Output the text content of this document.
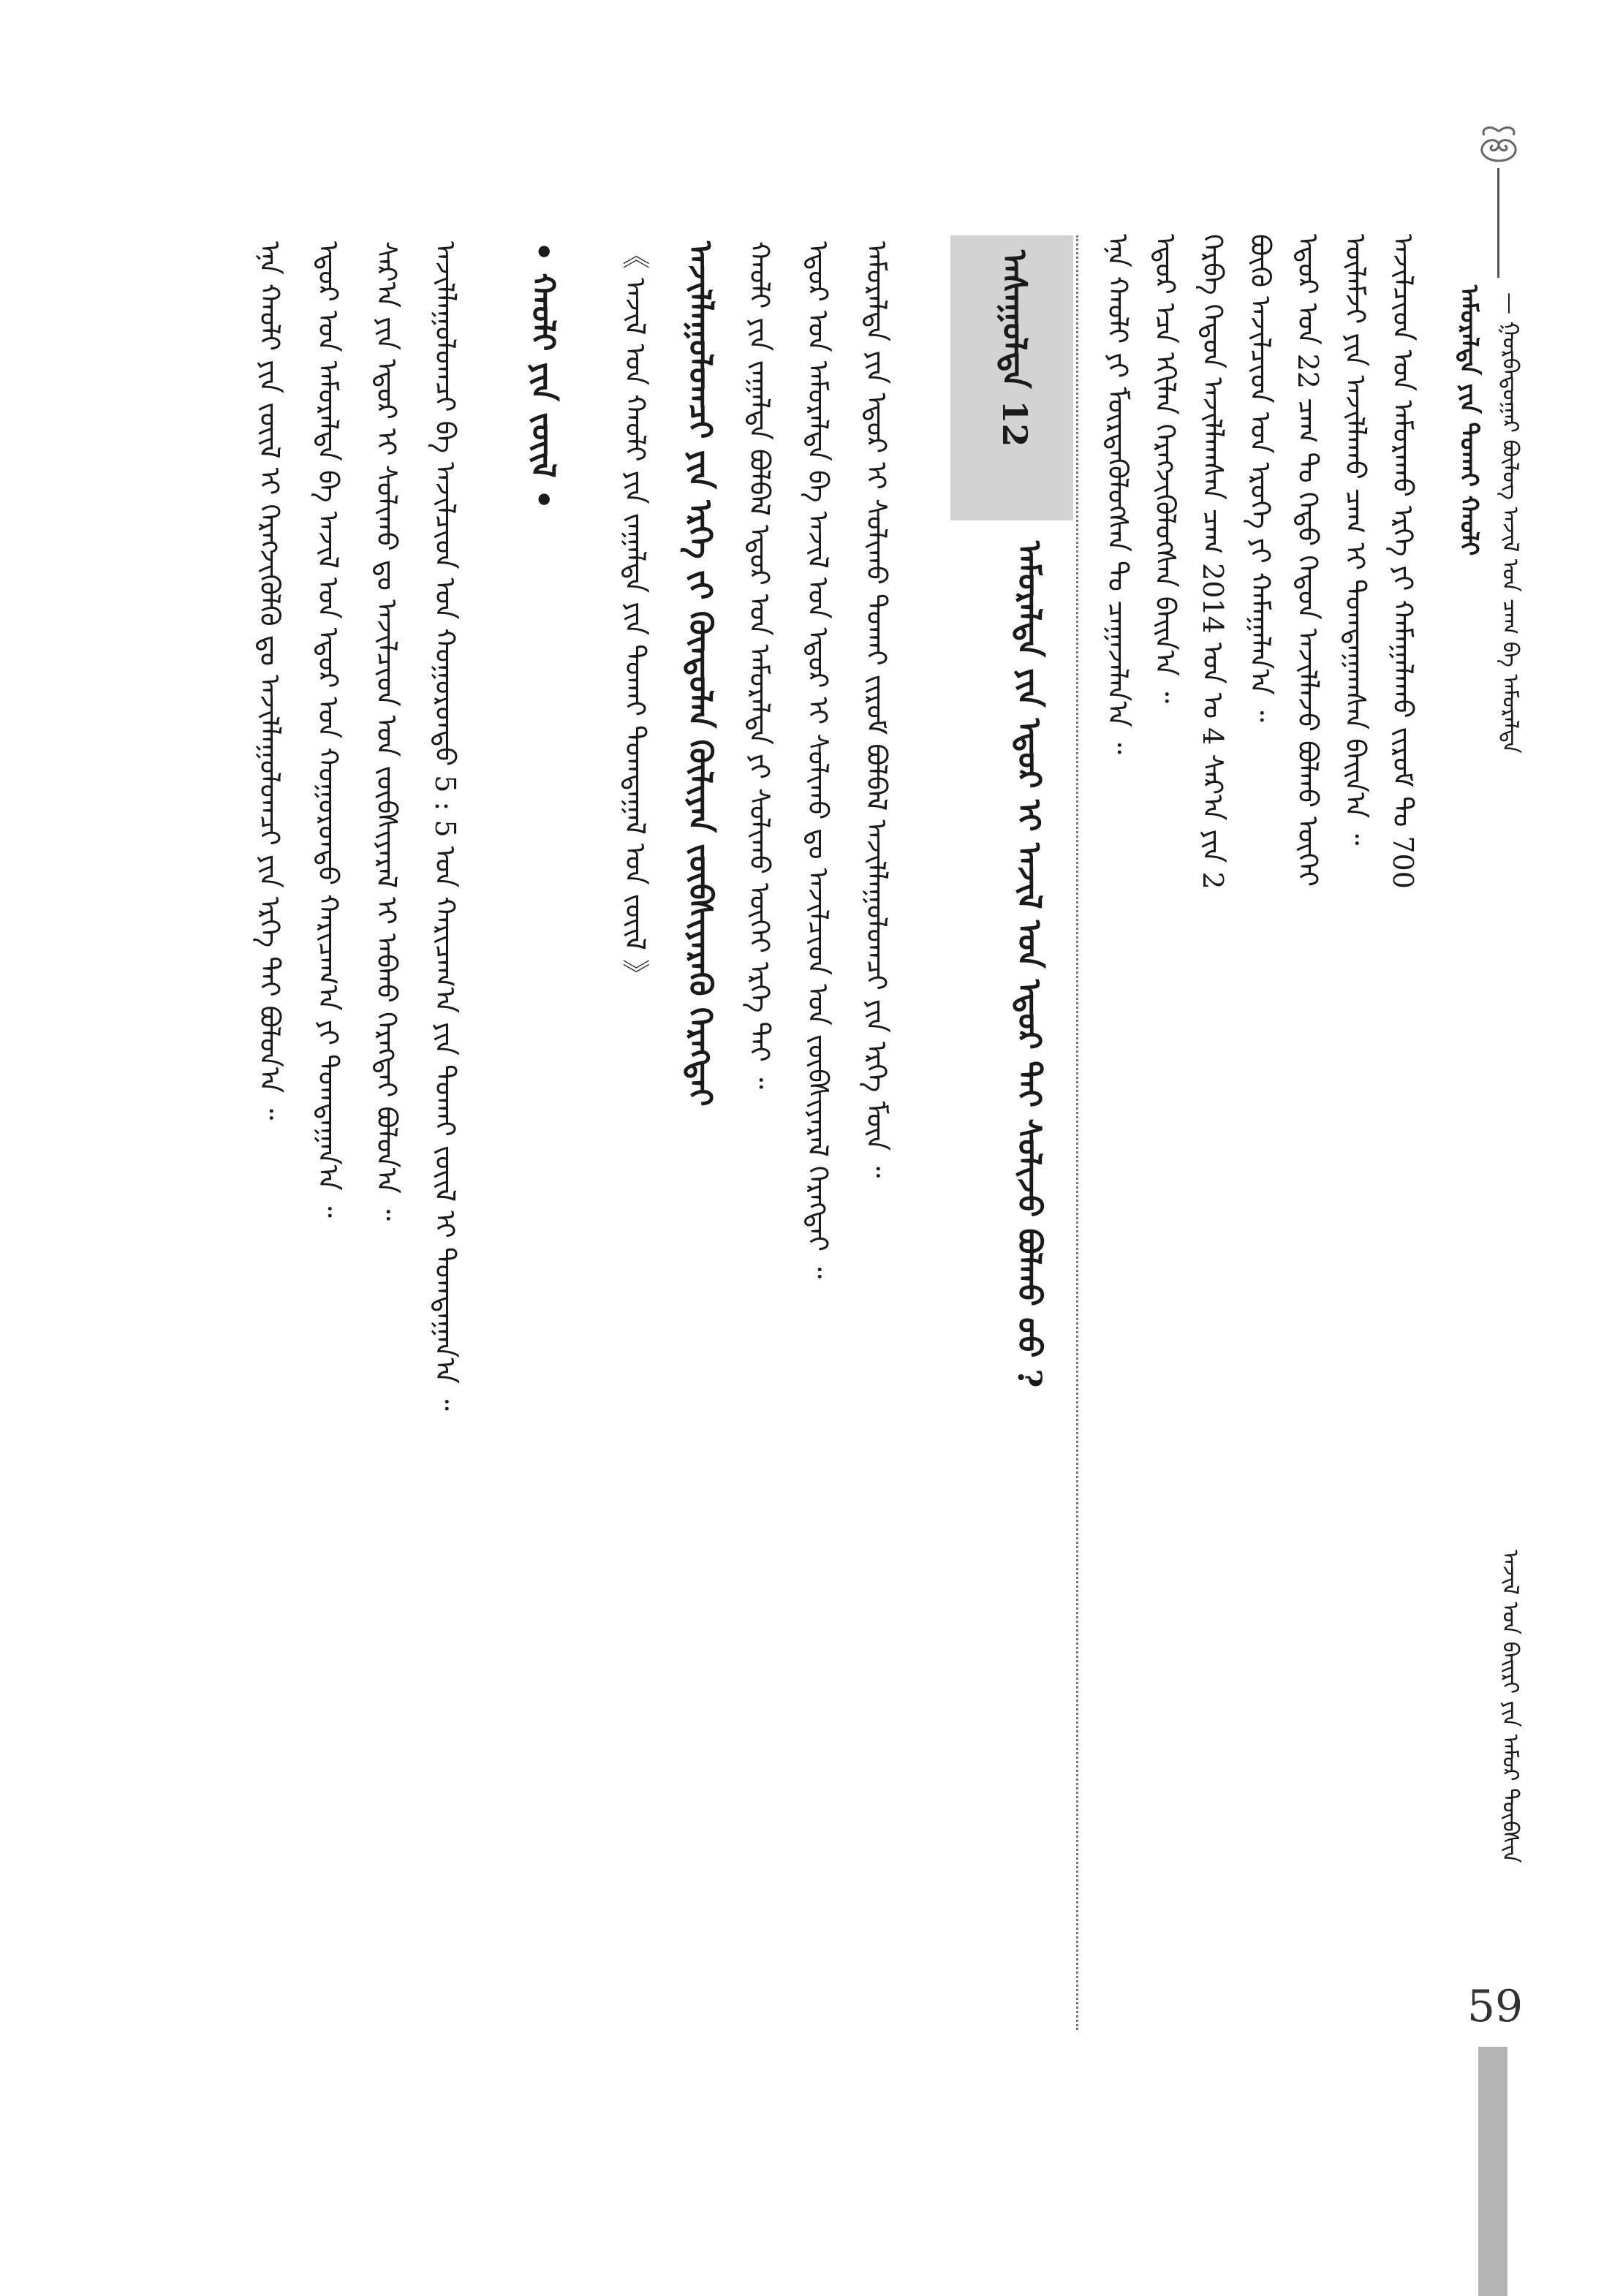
— ᠭᠤᠷᠪᠠᠳᠤᠭᠠᠷ ᠪᠦᠯᠦᠭ ᠠᠵᠢᠯ ᠤᠨ ᠴᠠᠭ ᠪᠠ ᠠᠮᠤᠷᠠᠯᠲᠠ
ᠠᠮᠤᠷᠠᠯᠲᠠ ᠶᠢᠨ ᠲᠤᠬᠠᠢ ᠬᠠᠤᠯᠢ
ᠠᠵᠢᠯ ᠤᠨ ᠪᠠᠢᠷᠢ ᠶᠢᠨ ᠠᠮᠤᠷ ᠲᠦᠪᠰᠢᠨ
ᠠᠵᠢᠯᠴᠢᠳ ᠤᠨ ᠠᠮᠤᠷᠠᠬᠤ ᠡᠷᠬᠡ ᠶᠢ ᠬᠠᠮᠠᠭᠠᠯᠠᠬᠤ ᠵᠢᠷᠤᠮ ᠲᠤ 700
ᠦᠯᠡᠮᠵᠢ ᠶᠢᠨ ᠠᠵᠢᠯᠯᠠᠬᠤ ᠴᠠᠭ ᠢ ᠲᠣᠭᠲᠠᠭᠠᠭᠰᠠᠨ ᠪᠠᠢᠨ᠎ᠠ ᠃
ᠡᠳᠦᠷ ᠤᠨ 22 ᠴᠠᠭ ᠲᠤ ᠬᠡᠳᠦ ᠬᠡᠳᠦᠨ ᠠᠵᠢᠯᠯᠠᠵᠤ ᠪᠣᠯᠬᠤ ᠦᠭᠡᠢ
ᠪᠦᠬᠦ ᠠᠵᠢᠯᠴᠢᠳ ᠤᠨ ᠡᠷᠦᠬᠡ ᠶᠢ ᠬᠠᠮᠠᠭᠠᠯᠠᠨ᠎ᠠ ᠃
ᠬᠡᠷᠪᠡ ᠬᠡᠳᠦᠨ ᠠᠵᠢᠯᠯᠠᠭᠰᠠᠨ ᠴᠠᠭ 2014 ᠣᠨ ᠤ 4 ᠰᠠᠷ᠎ᠠ ᠶᠢᠨ 2
ᠡᠳᠦᠷ ᠡᠴᠡ ᠡᠬᠢᠯᠡᠨ ᠬᠡᠷᠡᠭᠵᠢᠭᠦᠯᠦᠭᠰᠡᠨ ᠪᠠᠢᠨ᠎ᠠ ᠃
ᠡᠨᠡ ᠬᠠᠤᠯᠢ ᠶᠢ ᠮᠦᠷᠳᠡᠭᠦᠯᠦᠭᠰᠡᠨ ᠲᠤ ᠴᠠᠭᠠᠵᠠᠯᠠᠨ᠎ᠠ ᠃
ᠠᠰᠠᠭᠤᠯᠲᠠ 12
ᠠᠮᠤᠷᠠᠯᠲᠠ ᠶᠢᠨ ᠡᠳᠦᠷ ᠢ ᠠᠵᠢᠯ ᠤᠨ ᠡᠳᠦᠷ ᠲᠠᠢ ᠰᠣᠯᠢᠵᠤ ᠪᠣᠯᠬᠤ ᠤᠤ ?
ᠠᠮᠤᠷᠠᠯᠲᠠ ᠶᠢᠨ ᠡᠳᠦᠷ ᠢ ᠰᠣᠯᠢᠬᠤ ᠲᠤᠬᠠᠢ ᠵᠢᠷᠤᠮ ᠪᠣᠯᠪᠠᠯ ᠠᠵᠢᠯᠯᠠᠭᠤᠯᠤᠭᠴᠢ ᠶᠢᠨ ᠡᠷᠬᠡ ᠮᠦᠨ ᠃
ᠡᠳᠦᠷ ᠤᠨ ᠠᠮᠤᠷᠠᠯᠲᠠ ᠪᠠ ᠠᠵᠢᠯ ᠤᠨ ᠡᠳᠦᠷ ᠢ ᠰᠣᠯᠢᠬᠤ ᠳᠤ ᠠᠵᠢᠯᠴᠢᠳ ᠤᠨ ᠵᠥᠪᠰᠢᠶᠡᠷᠡᠯ ᠬᠡᠷᠡᠭᠲᠡᠢ ᠃
ᠬᠠᠤᠯᠢ ᠶᠢᠨ ᠵᠠᠭᠠᠯᠲᠠ ᠪᠣᠯᠪᠠᠯ ᠡᠳᠦᠷ ᠤᠨ ᠠᠮᠤᠷᠠᠯᠲᠠ ᠶᠢ ᠰᠣᠯᠢᠬᠤ ᠦᠭᠡᠢ ᠡᠷᠬᠡ ᠲᠡᠢ ᠃
ᠠᠵᠢᠯᠯᠠᠭᠤᠯᠤᠭᠴᠢ ᠶᠢᠨ ᠡᠷᠬᠡ ᠵᠢ ᠬᠦᠨᠳᠦᠯᠡᠨ ᠬᠦᠯᠢᠶᠡᠨ ᠵᠦᠪᠰᠢᠶᠡᠷᠡᠬᠦ ᠬᠡᠷᠡᠭᠲᠡᠢ
《 ᠠᠵᠢᠯ ᠤᠨ ᠬᠠᠤᠯᠢ ᠶᠢᠨ ᠵᠠᠭᠠᠯᠲᠠ ᠶᠢᠨ ᠲᠤᠬᠠᠢ ᠲᠣᠭᠲᠠᠭᠠᠯ ᠤᠨ ᠵᠦᠢᠯ 》
• ᠬᠠᠤᠯᠢ ᠶᠢᠨ ᠵᠦᠢᠯ •
ᠠᠵᠢᠯᠯᠠᠭᠤᠯᠤᠭᠴᠢ ᠪᠠ ᠠᠵᠢᠯᠴᠢᠳ ᠤᠨ ᠬᠣᠭᠣᠷᠣᠨᠳᠤ 5 : 5 ᠤᠨ ᠬᠠᠷᠢᠴᠠᠭ᠎ᠠ ᠶᠢᠨ ᠲᠤᠬᠠᠢ ᠵᠦᠢᠯ ᠢ ᠲᠣᠭᠲᠠᠭᠠᠨ᠎ᠠ ᠃
ᠰᠠᠷ᠎ᠠ ᠶᠢᠨ ᠡᠳᠦᠷ ᠢ ᠰᠣᠯᠢᠬᠤ ᠳᠤ ᠠᠵᠢᠯᠴᠢᠳ ᠤᠨ ᠵᠥᠪᠰᠢᠶᠡᠷᠡᠯ ᠢ ᠠᠪᠬᠤ ᠬᠡᠷᠡᠭᠲᠡᠢ ᠪᠣᠯᠤᠨ᠎ᠠ ᠃
ᠡᠳᠦᠷ ᠤᠨ ᠠᠮᠤᠷᠠᠯᠲᠠ ᠪᠠ ᠠᠵᠢᠯ ᠤᠨ ᠡᠳᠦᠷ ᠤᠨ ᠬᠣᠭᠣᠷᠣᠨᠳᠤ ᠬᠠᠷᠢᠴᠠᠭ᠎ᠠ ᠶᠢ ᠲᠣᠭᠲᠠᠭᠠᠨ᠎ᠠ ᠃
ᠡᠨᠡ ᠬᠠᠤᠯᠢ ᠶᠢᠨ ᠵᠦᠢᠯ ᠢ ᠬᠡᠷᠡᠭᠵᠢᠭᠦᠯᠬᠦ ᠳᠤ ᠠᠵᠢᠯᠯᠠᠭᠤᠯᠤᠭᠴᠢ ᠶᠢᠨ ᠡᠷᠬᠡ ᠲᠡᠢ ᠪᠣᠯᠤᠨ᠎ᠠ ᠃
59
